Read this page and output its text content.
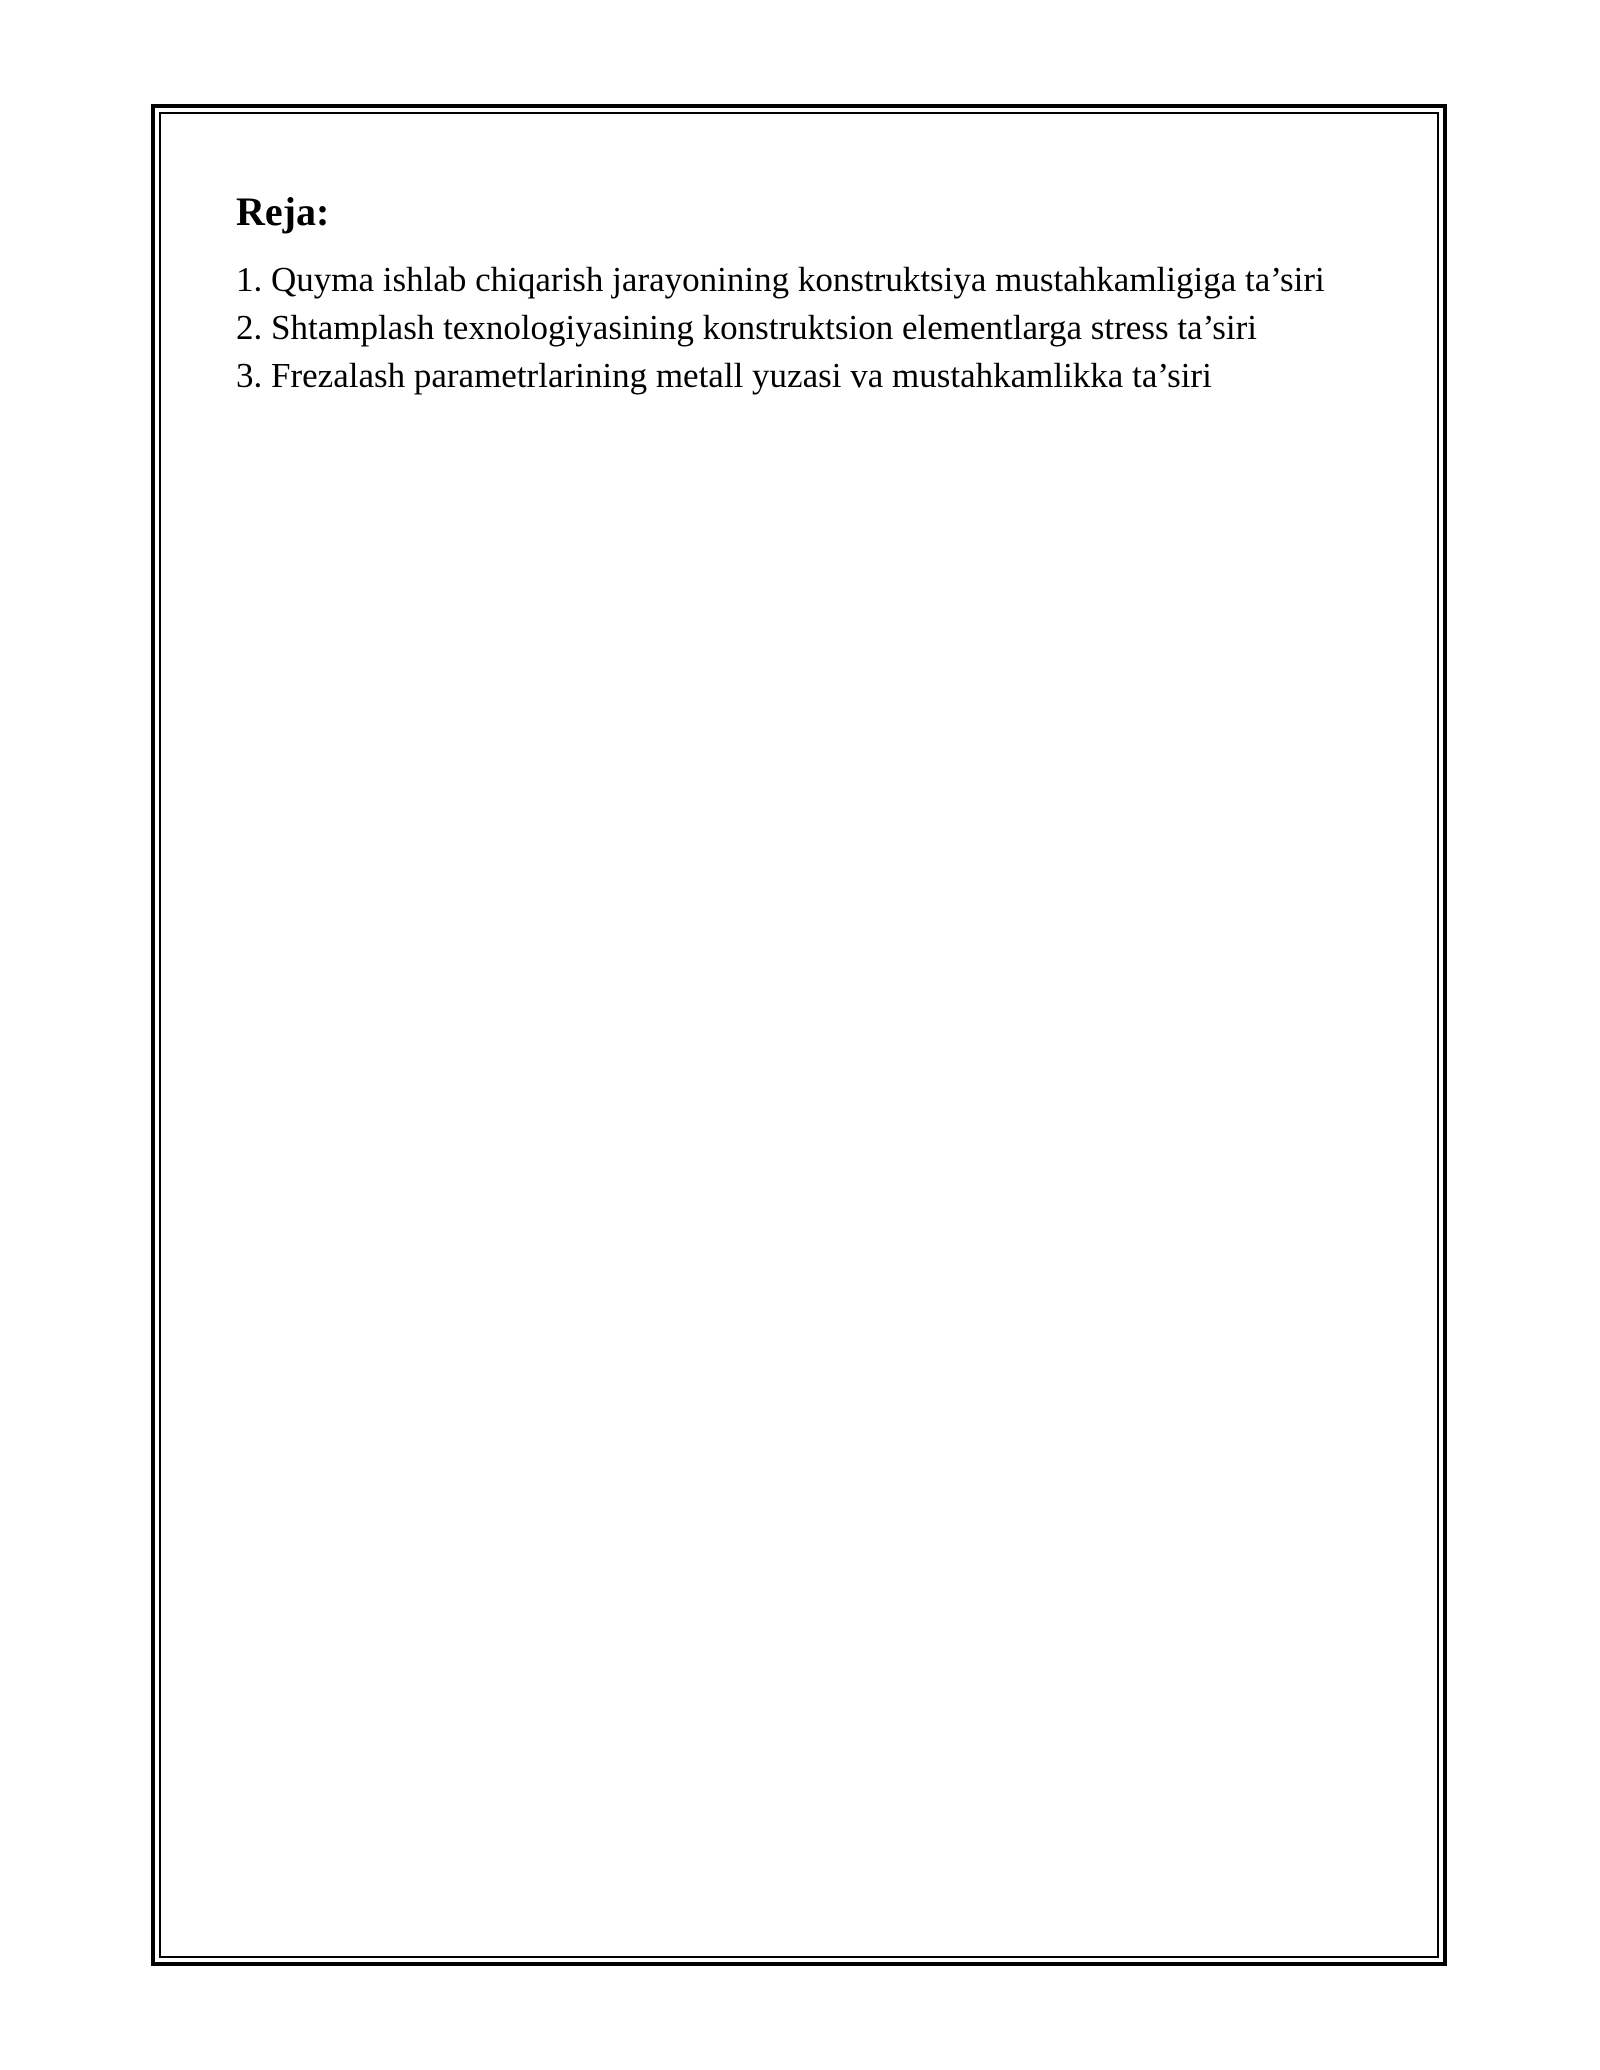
Reja:
1. Quyma ishlab chiqarish jarayonining konstruktsiya mustahkamligiga ta’siri
2. Shtamplash texnologiyasining konstruktsion elementlarga stress ta’siri
3. Frezalash parametrlarining metall yuzasi va mustahkamlikka ta’siri
